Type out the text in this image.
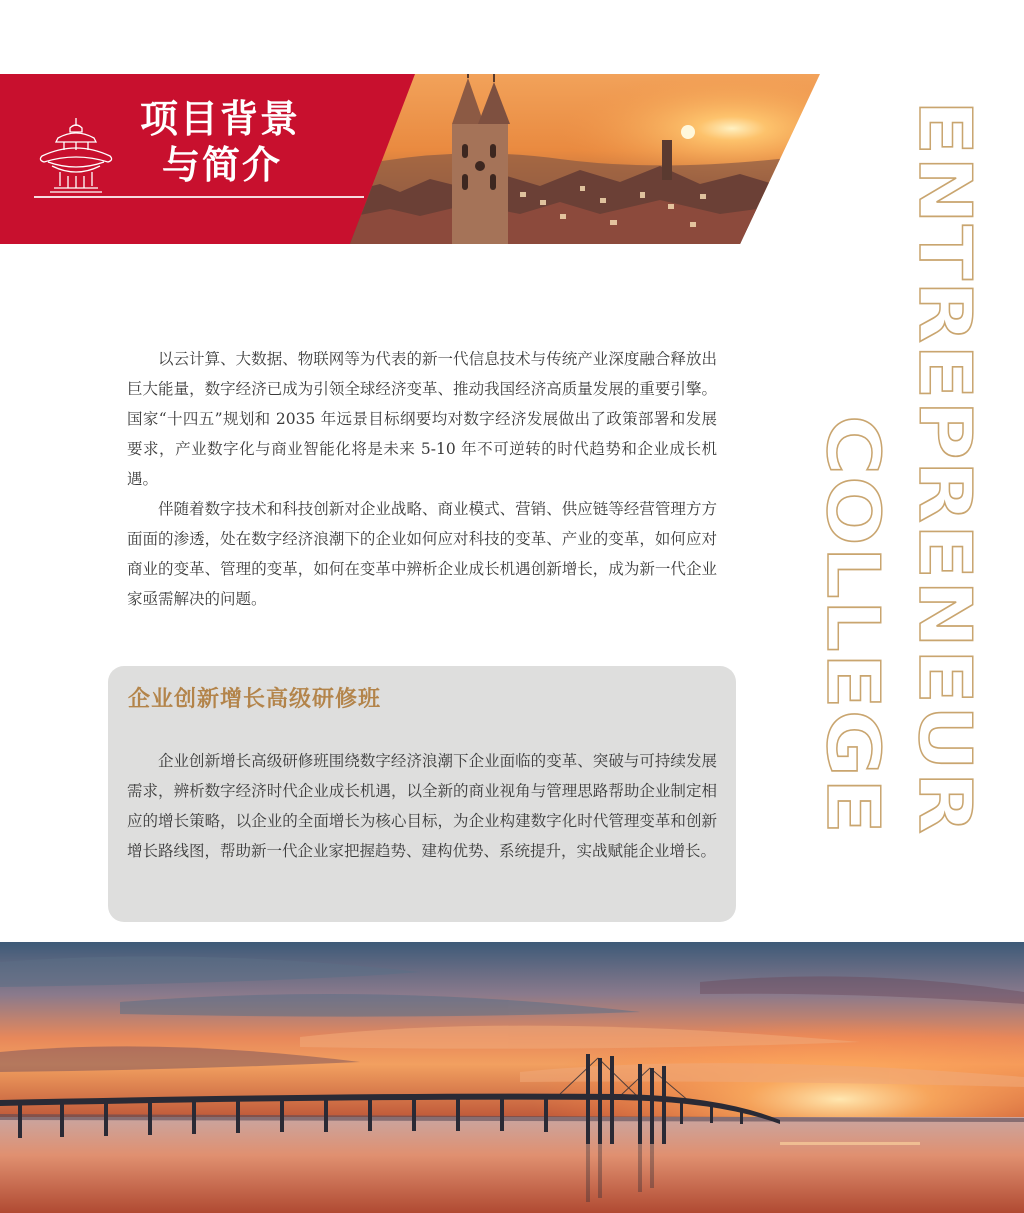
项目背景
与简介	ENTREPRENEUR
COLLEGE

以云计算、大数据、物联网等为代表的新一代信息技术与传统产业深度融合释放出巨大能量，数字经济已成为引领全球经济变革、推动我国经济高质量发展的重要引擎。国家“十四五”规划和 2035 年远景目标纲要均对数字经济发展做出了政策部署和发展要求，产业数字化与商业智能化将是未来 5-10 年不可逆转的时代趋势和企业成长机遇。

伴随着数字技术和科技创新对企业战略、商业模式、营销、供应链等经营管理方方面面的渗透，处在数字经济浪潮下的企业如何应对科技的变革、产业的变革，如何应对商业的变革、管理的变革，如何在变革中辨析企业成长机遇创新增长，成为新一代企业家亟需解决的问题。

企业创新增长高级研修班

企业创新增长高级研修班围绕数字经济浪潮下企业面临的变革、突破与可持续发展需求，辨析数字经济时代企业成长机遇，以全新的商业视角与管理思路帮助企业制定相应的增长策略，以企业的全面增长为核心目标，为企业构建数字化时代管理变革和创新增长路线图，帮助新一代企业家把握趋势、建构优势、系统提升，实战赋能企业增长。
